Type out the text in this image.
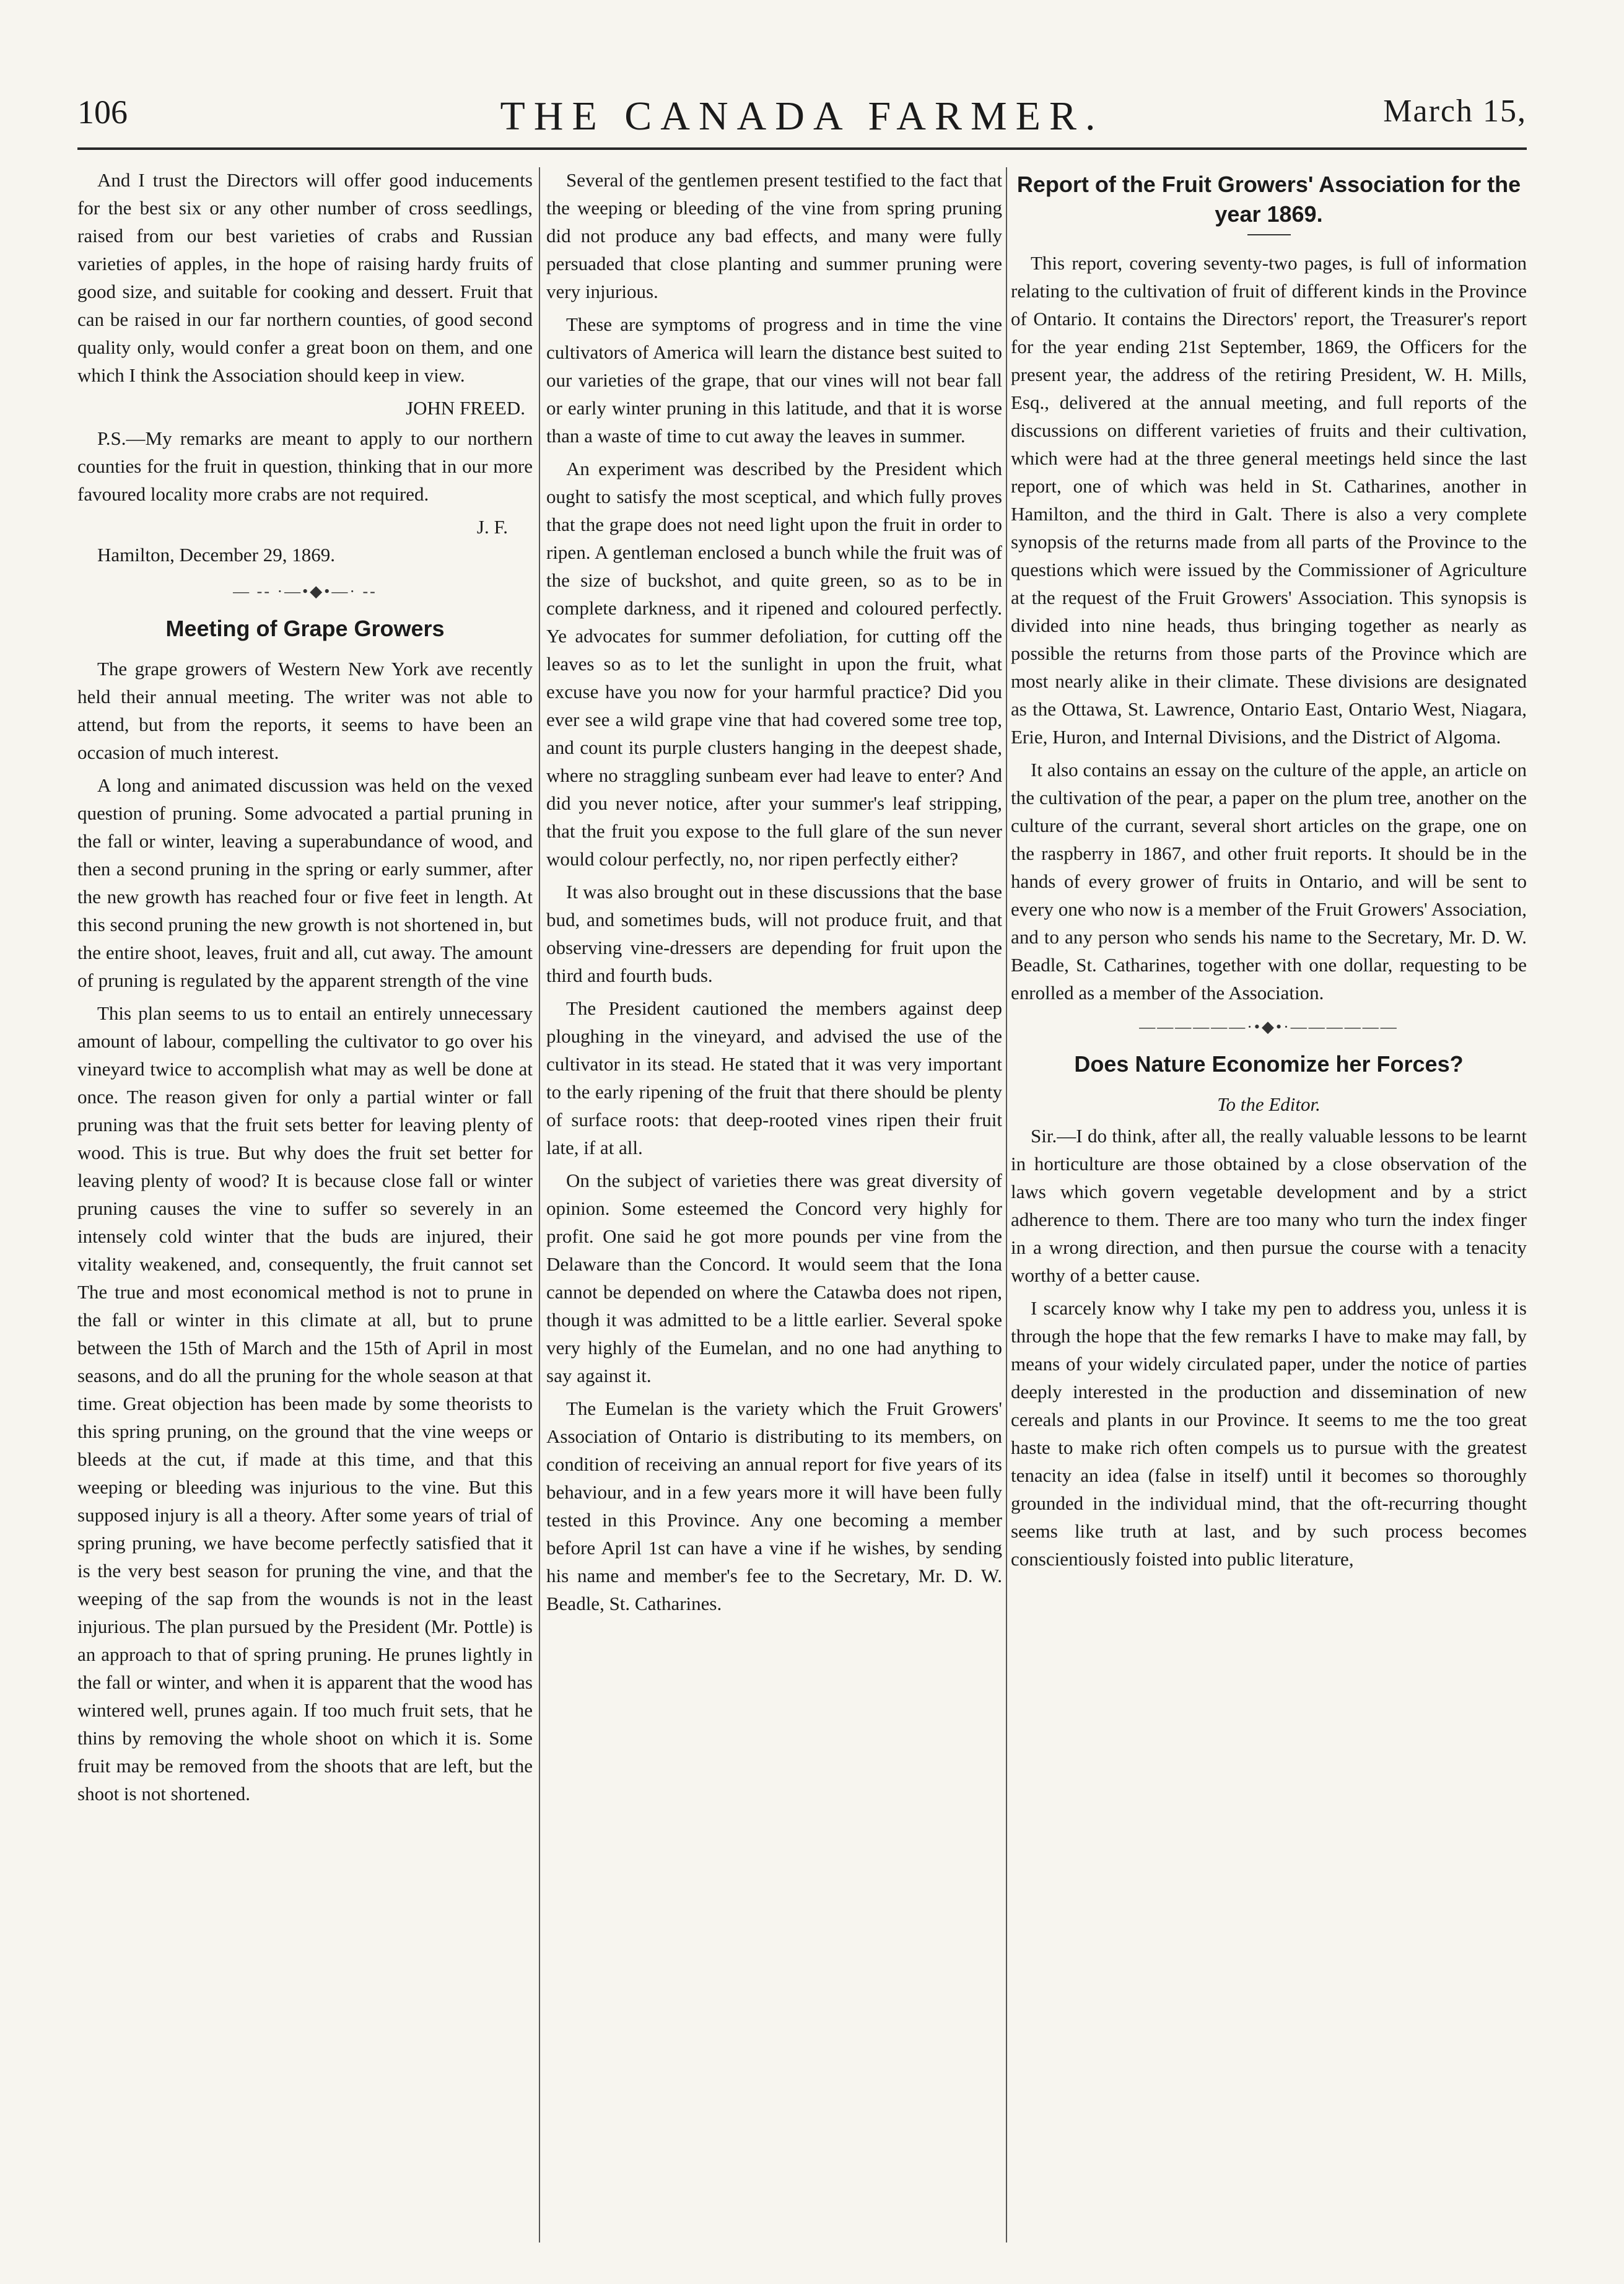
106	THE CANADA FARMER.	March 15,

And I trust the Directors will offer good inducements for the best six or any other number of cross seedlings, raised from our best varieties of crabs and Russian varieties of apples, in the hope of raising hardy fruits of good size, and suitable for cooking and dessert. Fruit that can be raised in our far northern counties, of good second quality only, would confer a great boon on them, and one which I think the Association should keep in view.

JOHN FREED.

P.S.—My remarks are meant to apply to our northern counties for the fruit in question, thinking that in our more favoured locality more crabs are not required.

J. F.

Hamilton, December 29, 1869.

— -- ·—•◆•—· --
Meeting of Grape Growers

The grape growers of Western New York ave recently held their annual meeting. The writer was not able to attend, but from the reports, it seems to have been an occasion of much interest.

A long and animated discussion was held on the vexed question of pruning. Some advocated a partial pruning in the fall or winter, leaving a superabundance of wood, and then a second pruning in the spring or early summer, after the new growth has reached four or five feet in length. At this second pruning the new growth is not shortened in, but the entire shoot, leaves, fruit and all, cut away. The amount of pruning is regulated by the apparent strength of the vine

This plan seems to us to entail an entirely unnecessary amount of labour, compelling the cultivator to go over his vineyard twice to accomplish what may as well be done at once. The reason given for only a partial winter or fall pruning was that the fruit sets better for leaving plenty of wood. This is true. But why does the fruit set better for leaving plenty of wood? It is because close fall or winter pruning causes the vine to suffer so severely in an intensely cold winter that the buds are injured, their vitality weakened, and, consequently, the fruit cannot set The true and most economical method is not to prune in the fall or winter in this climate at all, but to prune between the 15th of March and the 15th of April in most seasons, and do all the pruning for the whole season at that time. Great objection has been made by some theorists to this spring pruning, on the ground that the vine weeps or bleeds at the cut, if made at this time, and that this weeping or bleeding was injurious to the vine. But this supposed injury is all a theory. After some years of trial of spring pruning, we have become perfectly satisfied that it is the very best season for pruning the vine, and that the weeping of the sap from the wounds is not in the least injurious. The plan pursued by the President (Mr. Pottle) is an approach to that of spring pruning. He prunes lightly in the fall or winter, and when it is apparent that the wood has wintered well, prunes again. If too much fruit sets, that he thins by removing the whole shoot on which it is. Some fruit may be removed from the shoots that are left, but the shoot is not shortened.

Several of the gentlemen present testified to the fact that the weeping or bleeding of the vine from spring pruning did not produce any bad effects, and many were fully persuaded that close planting and summer pruning were very injurious.

These are symptoms of progress and in time the vine cultivators of America will learn the distance best suited to our varieties of the grape, that our vines will not bear fall or early winter pruning in this latitude, and that it is worse than a waste of time to cut away the leaves in summer.

An experiment was described by the President which ought to satisfy the most sceptical, and which fully proves that the grape does not need light upon the fruit in order to ripen. A gentleman enclosed a bunch while the fruit was of the size of buckshot, and quite green, so as to be in complete darkness, and it ripened and coloured perfectly. Ye advocates for summer defoliation, for cutting off the leaves so as to let the sunlight in upon the fruit, what excuse have you now for your harmful practice? Did you ever see a wild grape vine that had covered some tree top, and count its purple clusters hanging in the deepest shade, where no straggling sunbeam ever had leave to enter? And did you never notice, after your summer's leaf stripping, that the fruit you expose to the full glare of the sun never would colour perfectly, no, nor ripen perfectly either?

It was also brought out in these discussions that the base bud, and sometimes buds, will not produce fruit, and that observing vine-dressers are depending for fruit upon the third and fourth buds.

The President cautioned the members against deep ploughing in the vineyard, and advised the use of the cultivator in its stead. He stated that it was very important to the early ripening of the fruit that there should be plenty of surface roots: that deep-rooted vines ripen their fruit late, if at all.

On the subject of varieties there was great diversity of opinion. Some esteemed the Concord very highly for profit. One said he got more pounds per vine from the Delaware than the Concord. It would seem that the Iona cannot be depended on where the Catawba does not ripen, though it was admitted to be a little earlier. Several spoke very highly of the Eumelan, and no one had anything to say against it.

The Eumelan is the variety which the Fruit Growers' Association of Ontario is distributing to its members, on condition of receiving an annual report for five years of its behaviour, and in a few years more it will have been fully tested in this Province. Any one becoming a member before April 1st can have a vine if he wishes, by sending his name and member's fee to the Secretary, Mr. D. W. Beadle, St. Catharines.

Report of the Fruit Growers' Association for the year 1869.

This report, covering seventy-two pages, is full of information relating to the cultivation of fruit of different kinds in the Province of Ontario. It contains the Directors' report, the Treasurer's report for the year ending 21st September, 1869, the Officers for the present year, the address of the retiring President, W. H. Mills, Esq., delivered at the annual meeting, and full reports of the discussions on different varieties of fruits and their cultivation, which were had at the three general meetings held since the last report, one of which was held in St. Catharines, another in Hamilton, and the third in Galt. There is also a very complete synopsis of the returns made from all parts of the Province to the questions which were issued by the Commissioner of Agriculture at the request of the Fruit Growers' Association. This synopsis is divided into nine heads, thus bringing together as nearly as possible the returns from those parts of the Province which are most nearly alike in their climate. These divisions are designated as the Ottawa, St. Lawrence, Ontario East, Ontario West, Niagara, Erie, Huron, and Internal Divisions, and the District of Algoma.

It also contains an essay on the culture of the apple, an article on the cultivation of the pear, a paper on the plum tree, another on the culture of the currant, several short articles on the grape, one on the raspberry in 1867, and other fruit reports. It should be in the hands of every grower of fruits in Ontario, and will be sent to every one who now is a member of the Fruit Growers' Association, and to any person who sends his name to the Secretary, Mr. D. W. Beadle, St. Catharines, together with one dollar, requesting to be enrolled as a member of the Association.

——————·•◆•·——————
Does Nature Economize her Forces?

To the Editor.

Sir.—I do think, after all, the really valuable lessons to be learnt in horticulture are those obtained by a close observation of the laws which govern vegetable development and by a strict adherence to them. There are too many who turn the index finger in a wrong direction, and then pursue the course with a tenacity worthy of a better cause.

I scarcely know why I take my pen to address you, unless it is through the hope that the few remarks I have to make may fall, by means of your widely circulated paper, under the notice of parties deeply interested in the production and dissemination of new cereals and plants in our Province. It seems to me the too great haste to make rich often compels us to pursue with the greatest tenacity an idea (false in itself) until it becomes so thoroughly grounded in the individual mind, that the oft-recurring thought seems like truth at last, and by such process becomes conscientiously foisted into public literature,
